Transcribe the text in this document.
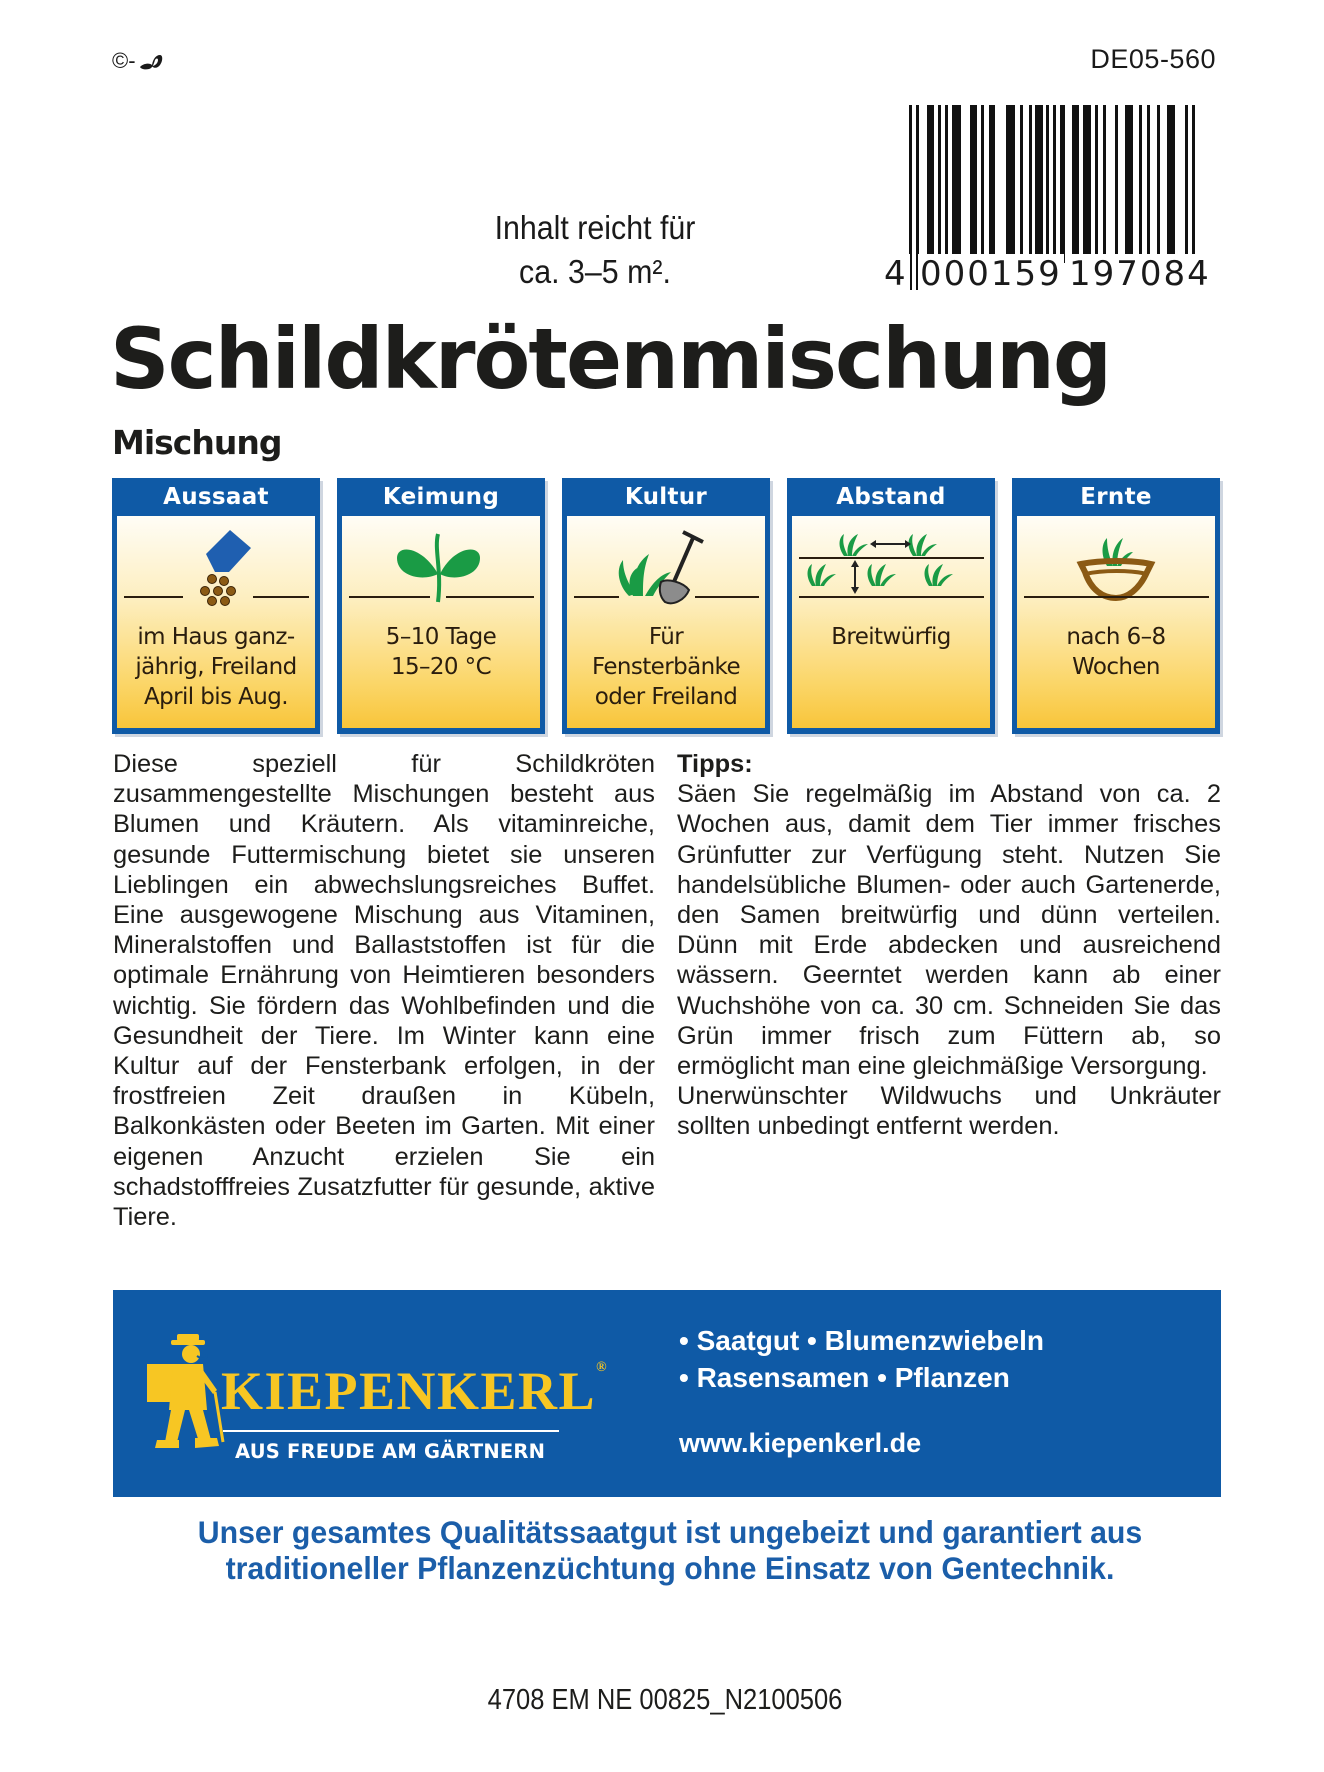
©-	DE05-560
Inhalt reicht für
ca. 3–5 m².	4 000159 197084
Schildkrötenmischung
Mischung
Aussaat
im Haus ganz-
jährig, Freiland
April bis Aug.
Keimung
5–10 Tage
15–20 °C
Kultur
Für
Fensterbänke
oder Freiland
Abstand
Breitwürfig
Ernte
nach 6–8
Wochen

Diese speziell für Schildkröten zusammengestellte Mischungen besteht aus Blumen und Kräutern. Als vitaminreiche, gesunde Futtermischung bietet sie unseren Lieblingen ein abwechslungsreiches Buffet. Eine ausgewogene Mischung aus Vitaminen, Mineralstoffen und Ballaststoffen ist für die optimale Ernährung von Heimtieren besonders wichtig. Sie fördern das Wohlbefinden und die Gesundheit der Tiere. Im Winter kann eine Kultur auf der Fensterbank erfolgen, in der frostfreien Zeit draußen in Kübeln, Balkonkästen oder Beeten im Garten. Mit einer eigenen Anzucht erzielen Sie ein schadstofffreies Zusatzfutter für gesunde, aktive Tiere.

Tipps:

Säen Sie regelmäßig im Abstand von ca. 2 Wochen aus, damit dem Tier immer frisches Grünfutter zur Verfügung steht. Nutzen Sie handelsübliche Blumen- oder auch Gartenerde, den Samen breitwürfig und dünn verteilen. Dünn mit Erde abdecken und ausreichend wässern. Geerntet werden kann ab einer Wuchshöhe von ca. 30 cm. Schneiden Sie das Grün immer frisch zum Füttern ab, so ermöglicht man eine gleichmäßige Versorgung.

Unerwünschter Wildwuchs und Unkräuter sollten unbedingt entfernt werden.

KIEPENKERL®
AUS FREUDE AM GÄRTNERN
• Saatgut • Blumenzwiebeln
• Rasensamen • Pflanzen
www.kiepenkerl.de
Unser gesamtes Qualitätssaatgut ist ungebeizt und garantiert aus
traditioneller Pflanzenzüchtung ohne Einsatz von Gentechnik.
4708 EM NE 00825_N2100506
